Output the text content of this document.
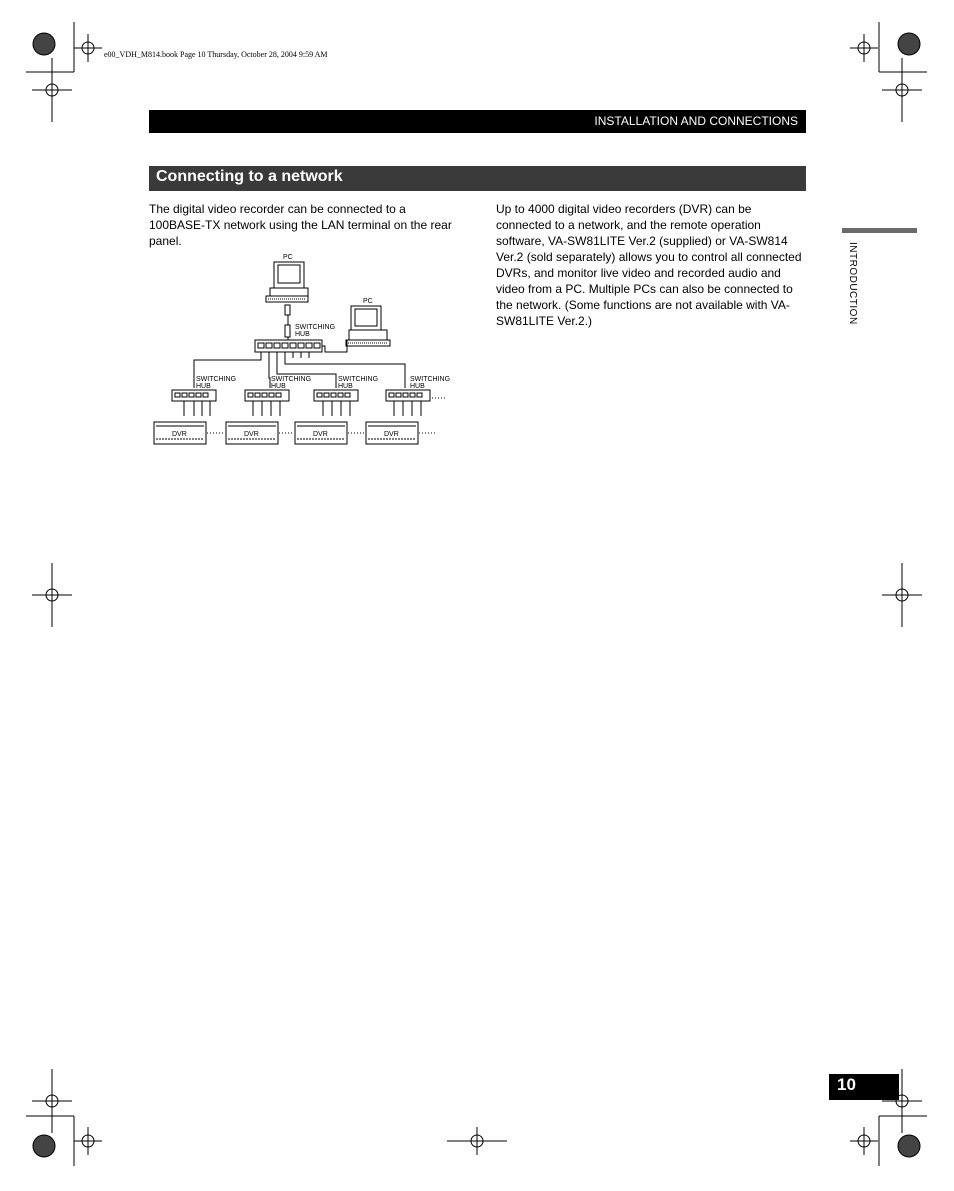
e00_VDH_M814.book Page 10 Thursday, October 28, 2004 9:59 AM
INSTALLATION AND CONNECTIONS
Connecting to a network
The digital video recorder can be connected to a 100BASE-TX network using the LAN terminal on the rear panel.
Up to 4000 digital video recorders (DVR) can be connected to a network, and the remote operation software, VA-SW81LITE Ver.2 (supplied) or VA-SW814 Ver.2 (sold separately) allows you to control all connected DVRs, and monitor live video and recorded audio and video from a PC. Multiple PCs can also be connected to the network. (Some functions are not available with VA-SW81LITE Ver.2.)	INTRODUCTION
10
PC
PC
SWITCHING
HUB
SWITCHING
HUB
SWITCHING
HUB
SWITCHING
HUB
SWITCHING
HUB
DVR	DVR	DVR	DVR
